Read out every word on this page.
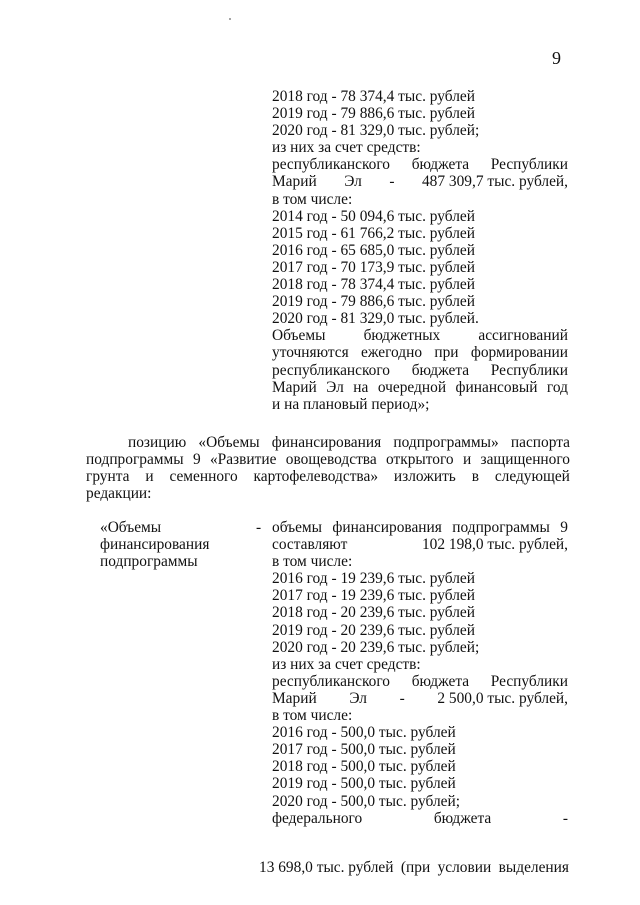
9
2018 год - 78 374,4 тыс. рублей
2019 год - 79 886,6 тыс. рублей
2020 год - 81 329,0 тыс. рублей;
из них за счет средств:
республиканского бюджета Республики
Марий Эл - 487 309,7 тыс. рублей,
в том числе:
2014 год - 50 094,6 тыс. рублей
2015 год - 61 766,2 тыс. рублей
2016 год - 65 685,0 тыс. рублей
2017 год - 70 173,9 тыс. рублей
2018 год - 78 374,4 тыс. рублей
2019 год - 79 886,6 тыс. рублей
2020 год - 81 329,0 тыс. рублей.
Объемы бюджетных ассигнований
уточняются ежегодно при формировании
республиканского бюджета Республики
Марий Эл на очередной финансовый год
и на плановый период»;
позицию «Объемы финансирования подпрограммы» паспорта
подпрограммы 9 «Развитие овощеводства открытого и защищенного
грунта и семенного картофелеводства» изложить в следующей
редакции:
«Объемы
финансирования
подпрограммы
- объемы финансирования подпрограммы 9
составляют	102 198,0 тыс. рублей,
в том числе:
2016 год - 19 239,6 тыс. рублей
2017 год - 19 239,6 тыс. рублей
2018 год - 20 239,6 тыс. рублей
2019 год - 20 239,6 тыс. рублей
2020 год - 20 239,6 тыс. рублей;
из них за счет средств:
республиканского бюджета Республики
Марий Эл - 2 500,0 тыс. рублей,
в том числе:
2016 год - 500,0 тыс. рублей
2017 год - 500,0 тыс. рублей
2018 год - 500,0 тыс. рублей
2019 год - 500,0 тыс. рублей
2020 год - 500,0 тыс. рублей;
федерального	бюджета	-
13 698,0 тыс. рублей (при условии выделения
